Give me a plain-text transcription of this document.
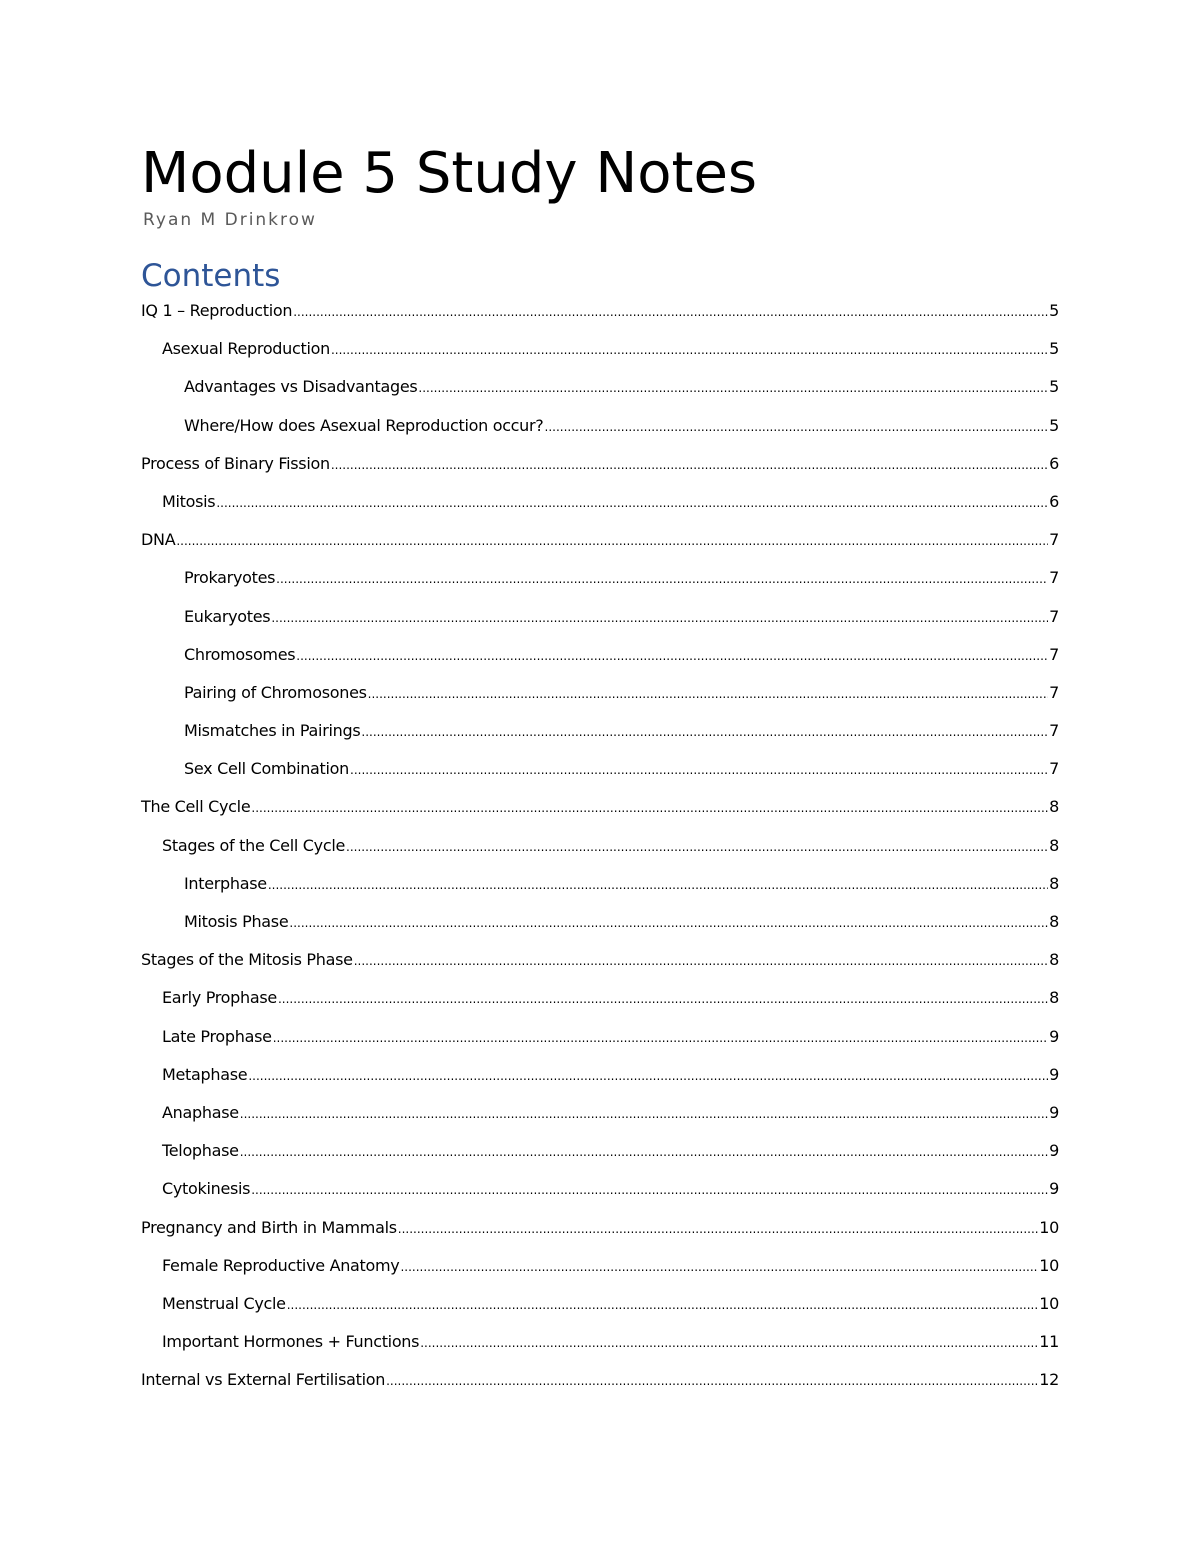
Module 5 Study Notes

Ryan M Drinkrow

Contents
IQ 1 – Reproduction .....	5
Asexual Reproduction .....	5
Advantages vs Disadvantages .....	5
Where/How does Asexual Reproduction occur? .....	5
Process of Binary Fission .....	6
Mitosis .....	6
DNA .....	7
Prokaryotes .....	7
Eukaryotes .....	7
Chromosomes .....	7
Pairing of Chromosones .....	7
Mismatches in Pairings .....	7
Sex Cell Combination .....	7
The Cell Cycle .....	8
Stages of the Cell Cycle .....	8
Interphase .....	8
Mitosis Phase .....	8
Stages of the Mitosis Phase .....	8
Early Prophase .....	8
Late Prophase .....	9
Metaphase .....	9
Anaphase .....	9
Telophase .....	9
Cytokinesis .....	9
Pregnancy and Birth in Mammals .....	10
Female Reproductive Anatomy .....	10
Menstrual Cycle .....	10
Important Hormones + Functions .....	11
Internal vs External Fertilisation .....	12
